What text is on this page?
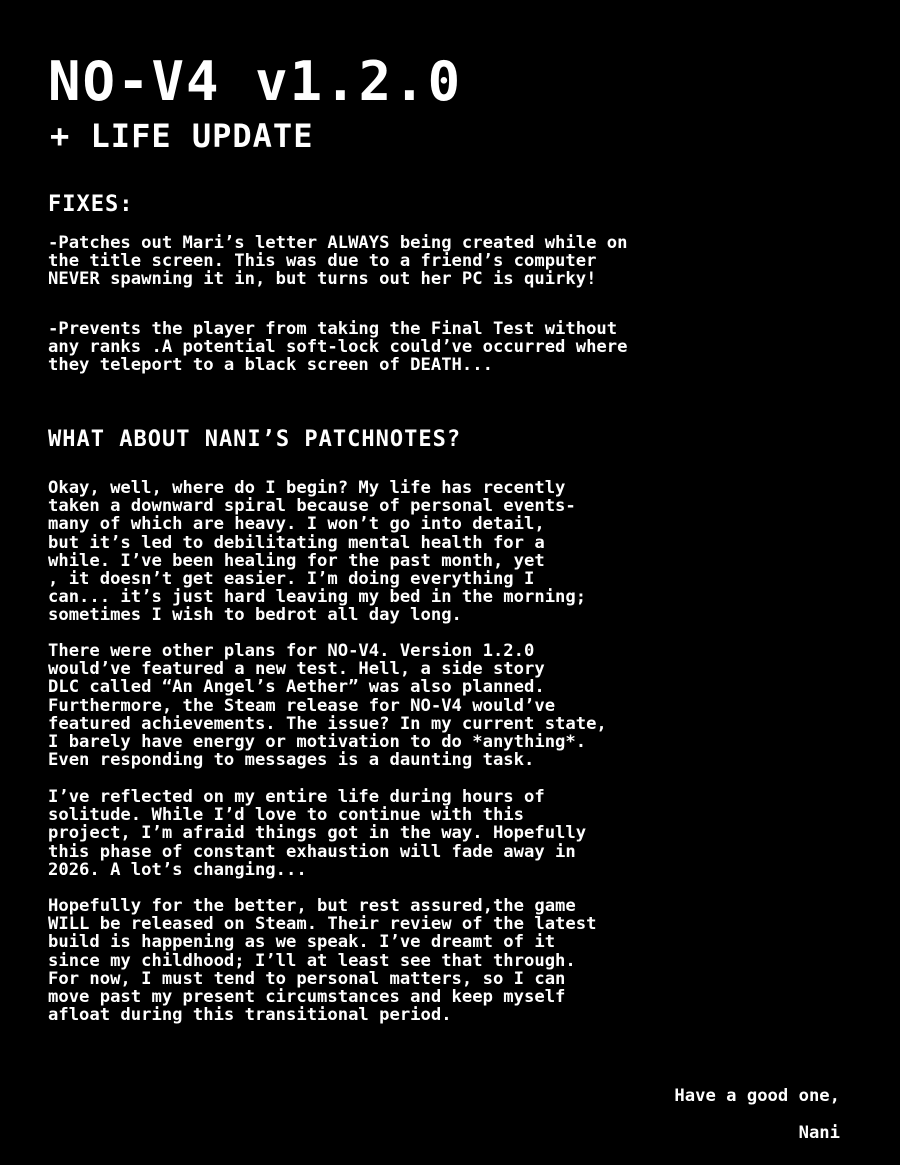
NO-V4 v1.2.0
+ LIFE UPDATE
FIXES:

-Patches out Mari’s letter ALWAYS being created while on
the title screen. This was due to a friend’s computer
NEVER spawning it in, but turns out her PC is quirky!

-Prevents the player from taking the Final Test without
any ranks .A potential soft-lock could’ve occurred where
they teleport to a black screen of DEATH...

WHAT ABOUT NANI’S PATCHNOTES?

Okay, well, where do I begin? My life has recently
taken a downward spiral because of personal events-
many of which are heavy. I won’t go into detail,
but it’s led to debilitating mental health for a
while. I’ve been healing for the past month, yet
, it doesn’t get easier. I’m doing everything I
can... it’s just hard leaving my bed in the morning;
sometimes I wish to bedrot all day long.

There were other plans for NO-V4. Version 1.2.0
would’ve featured a new test. Hell, a side story
DLC called “An Angel’s Aether” was also planned.
Furthermore, the Steam release for NO-V4 would’ve
featured achievements. The issue? In my current state,
I barely have energy or motivation to do *anything*.
Even responding to messages is a daunting task.

I’ve reflected on my entire life during hours of
solitude. While I’d love to continue with this
project, I’m afraid things got in the way. Hopefully
this phase of constant exhaustion will fade away in
2026. A lot’s changing...

Hopefully for the better, but rest assured,the game
WILL be released on Steam. Their review of the latest
build is happening as we speak. I’ve dreamt of it
since my childhood; I’ll at least see that through.
For now, I must tend to personal matters, so I can
move past my present circumstances and keep myself
afloat during this transitional period.

Have a good one,

Nani
